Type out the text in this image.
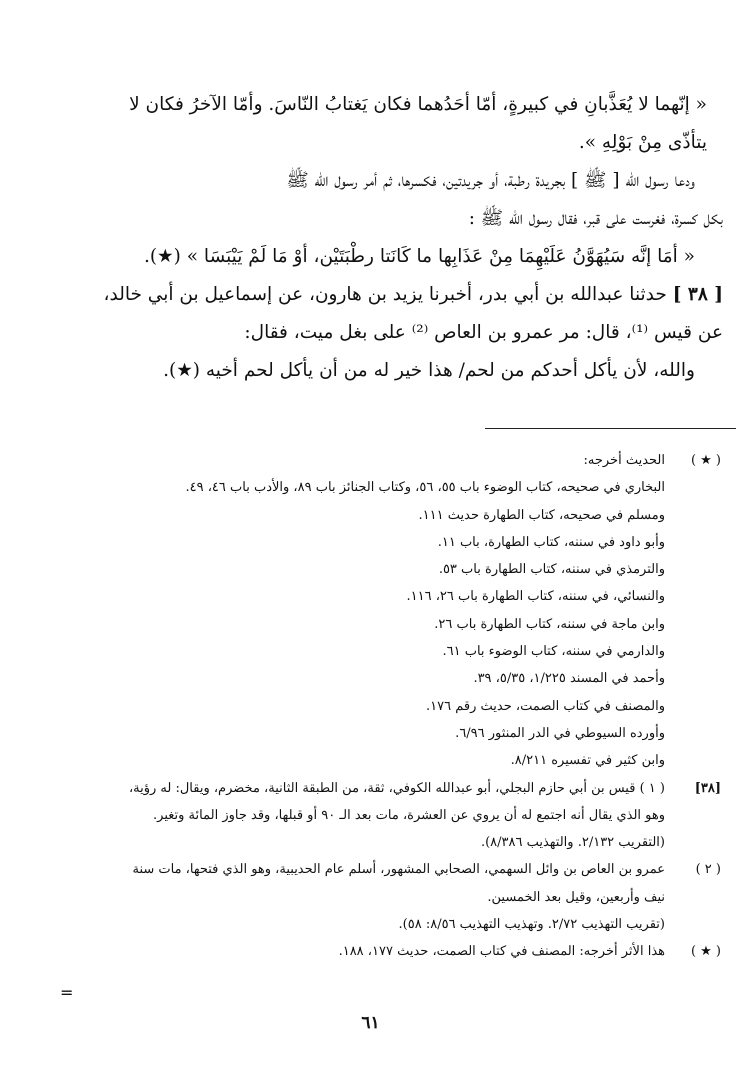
« إنّهما لا يُعَذَّبانِ في كبيرةٍ، أمّا أحَدُهما فكان يَغتابُ النّاسَ. وأمّا الآخرُ فكان لا
يتأذّى مِنْ بَوْلِهِ ».

ودعا رسول الله [ ﷺ ] بجريدة رطبة، أو جريدتين، فكسرها، ثم أمر رسول الله ﷺ
بكل كسرة، فغرست على قبر، فقال رسول الله ﷺ :

« أمَا إنَّه سَيُهَوَّنُ عَلَيْهِمَا مِنْ عَذَابِها ما كَانَتا رطْبَتَيْن، أوْ مَا لَمْ يَيْبَسَا » (★).

[ ٣٨ ] حدثنا عبدالله بن أبي بدر، أخبرنا يزيد بن هارون، عن إسماعيل بن أبي خالد،
عن قيس ⁽¹⁾، قال: مر عمرو بن العاص ⁽²⁾ على بغل ميت، فقال:

والله، لأن يأكل أحدكم من لحم/ هذا خير له من أن يأكل لحم أخيه (★).

( ★ )
الحديث أخرجه:
البخاري في صحيحه، كتاب الوضوء باب ٥٥، ٥٦، وكتاب الجنائز باب ٨٩، والأدب باب ٤٦، ٤٩.
ومسلم في صحيحه، كتاب الطهارة حديث ١١١.
وأبو داود في سننه، كتاب الطهارة، باب ١١.
والترمذي في سننه، كتاب الطهارة باب ٥٣.
والنسائي، في سننه، كتاب الطهارة باب ٢٦، ١١٦.
وابن ماجة في سننه، كتاب الطهارة باب ٢٦.
والدارمي في سننه، كتاب الوضوء باب ٦١.
وأحمد في المسند ١/٢٢٥، ٥/٣٥، ٣٩.
والمصنف في كتاب الصمت، حديث رقم ١٧٦.
وأورده السيوطي في الدر المنثور ٦/٩٦.
وابن كثير في تفسيره ٨/٢١١.
[٣٨]
( ١ ) قيس بن أبي حازم البجلي، أبو عبدالله الكوفي، ثقة، من الطبقة الثانية، مخضرم، ويقال: له رؤية،
وهو الذي يقال أنه اجتمع له أن يروي عن العشرة، مات بعد الـ ٩٠ أو قبلها، وقد جاوز المائة وتغير.
(التقريب ٢/١٣٢. والتهذيب ٨/٣٨٦).
( ٢ )
عمرو بن العاص بن وائل السهمي، الصحابي المشهور، أسلم عام الحديبية، وهو الذي فتحها، مات سنة
نيف وأربعين، وقيل بعد الخمسين.
(تقريب التهذيب ٢/٧٢. وتهذيب التهذيب ٨/٥٦: ٥٨).
( ★ )
هذا الأثر أخرجه: المصنف في كتاب الصمت، حديث ١٧٧، ١٨٨.
=
٦١
